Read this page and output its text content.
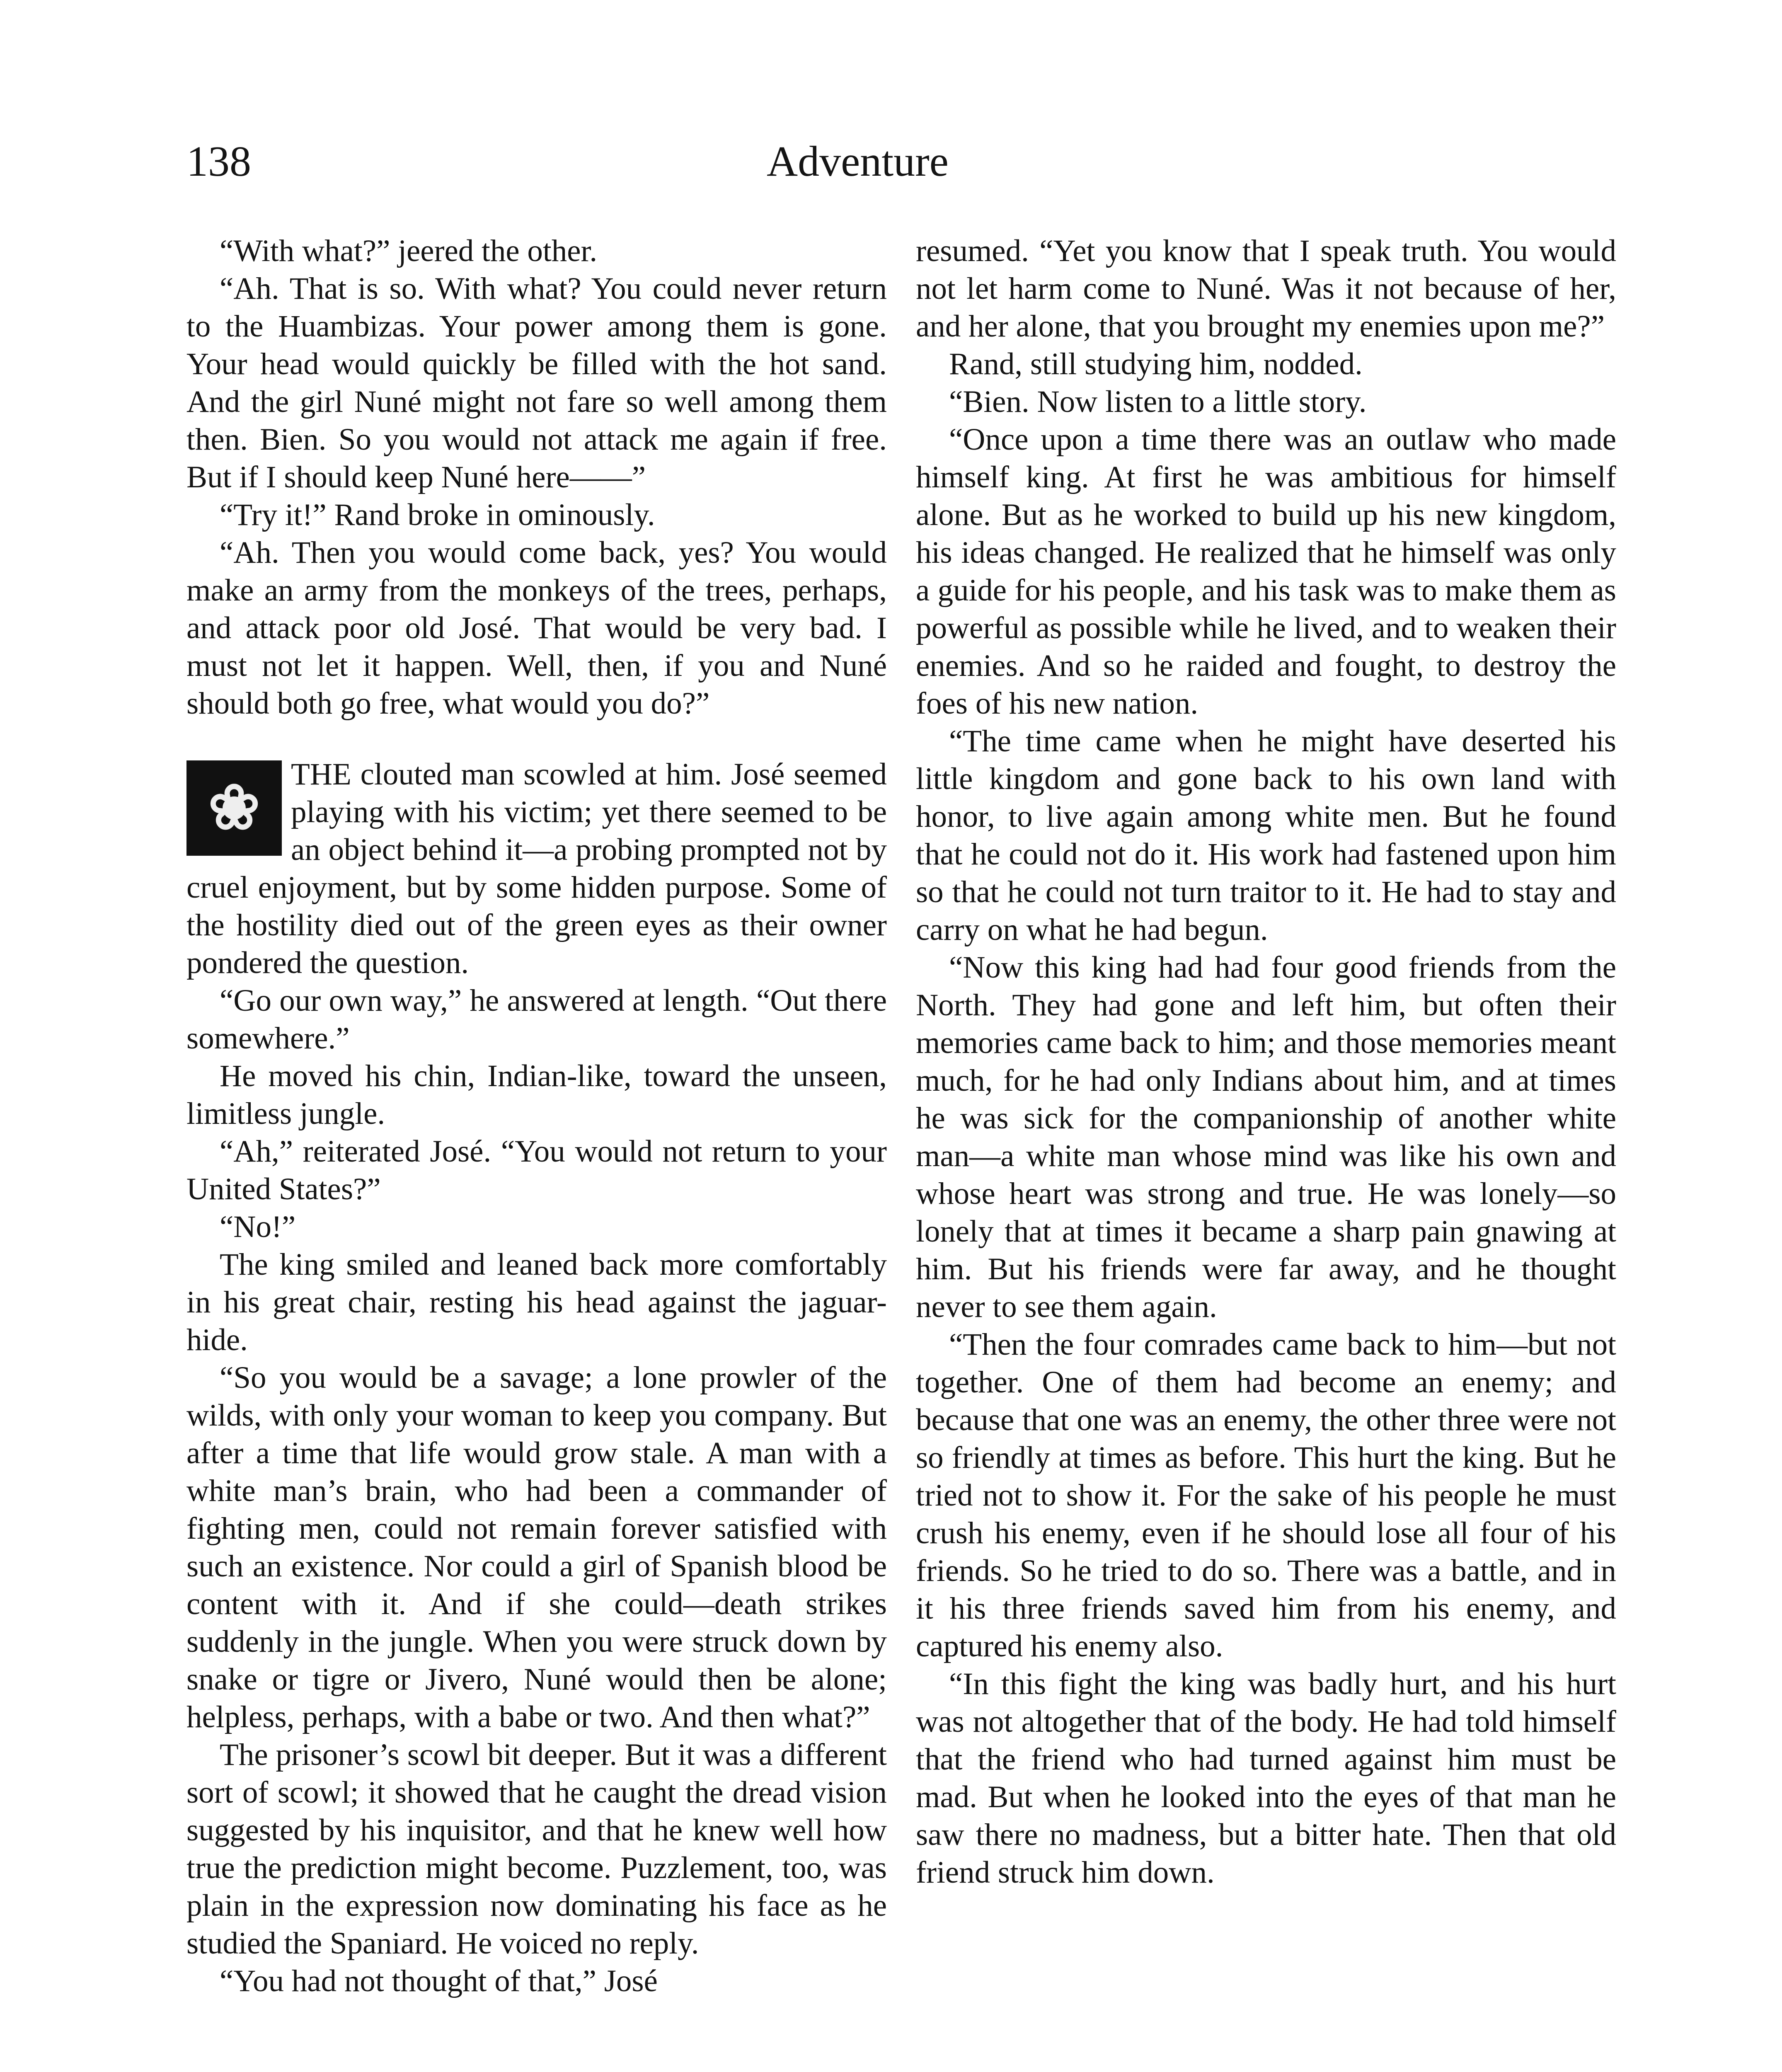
138	Adventure

“With what?” jeered the other.

“Ah. That is so. With what? You could never return to the Huambizas. Your power among them is gone. Your head would quickly be filled with the hot sand. And the girl Nuné might not fare so well among them then. Bien. So you would not attack me again if free. But if I should keep Nuné here——”

“Try it!” Rand broke in ominously.

“Ah. Then you would come back, yes? You would make an army from the monkeys of the trees, perhaps, and attack poor old José. That would be very bad. I must not let it happen. Well, then, if you and Nuné should both go free, what would you do?”

❀ THE clouted man scowled at him. José seemed playing with his victim; yet there seemed to be an object behind it—a probing prompted not by cruel enjoyment, but by some hidden purpose. Some of the hostility died out of the green eyes as their owner pondered the question.

“Go our own way,” he answered at length. “Out there somewhere.”

He moved his chin, Indian-like, toward the unseen, limitless jungle.

“Ah,” reiterated José. “You would not return to your United States?”

“No!”

The king smiled and leaned back more comfortably in his great chair, resting his head against the jaguar-hide.

“So you would be a savage; a lone prowler of the wilds, with only your woman to keep you company. But after a time that life would grow stale. A man with a white man’s brain, who had been a commander of fighting men, could not remain forever satisfied with such an existence. Nor could a girl of Spanish blood be content with it. And if she could—death strikes suddenly in the jungle. When you were struck down by snake or tigre or Jivero, Nuné would then be alone; helpless, perhaps, with a babe or two. And then what?”

The prisoner’s scowl bit deeper. But it was a different sort of scowl; it showed that he caught the dread vision suggested by his inquisitor, and that he knew well how true the prediction might become. Puzzlement, too, was plain in the expression now dominating his face as he studied the Spaniard. He voiced no reply.

“You had not thought of that,” José

resumed. “Yet you know that I speak truth. You would not let harm come to Nuné. Was it not because of her, and her alone, that you brought my enemies upon me?”

Rand, still studying him, nodded.

“Bien. Now listen to a little story.

“Once upon a time there was an outlaw who made himself king. At first he was ambitious for himself alone. But as he worked to build up his new kingdom, his ideas changed. He realized that he himself was only a guide for his people, and his task was to make them as powerful as possible while he lived, and to weaken their enemies. And so he raided and fought, to destroy the foes of his new nation.

“The time came when he might have deserted his little kingdom and gone back to his own land with honor, to live again among white men. But he found that he could not do it. His work had fastened upon him so that he could not turn traitor to it. He had to stay and carry on what he had begun.

“Now this king had had four good friends from the North. They had gone and left him, but often their memories came back to him; and those memories meant much, for he had only Indians about him, and at times he was sick for the companionship of another white man—a white man whose mind was like his own and whose heart was strong and true. He was lonely—so lonely that at times it became a sharp pain gnawing at him. But his friends were far away, and he thought never to see them again.

“Then the four comrades came back to him—but not together. One of them had become an enemy; and because that one was an enemy, the other three were not so friendly at times as before. This hurt the king. But he tried not to show it. For the sake of his people he must crush his enemy, even if he should lose all four of his friends. So he tried to do so. There was a battle, and in it his three friends saved him from his enemy, and captured his enemy also.

“In this fight the king was badly hurt, and his hurt was not altogether that of the body. He had told himself that the friend who had turned against him must be mad. But when he looked into the eyes of that man he saw there no madness, but a bitter hate. Then that old friend struck him down.
